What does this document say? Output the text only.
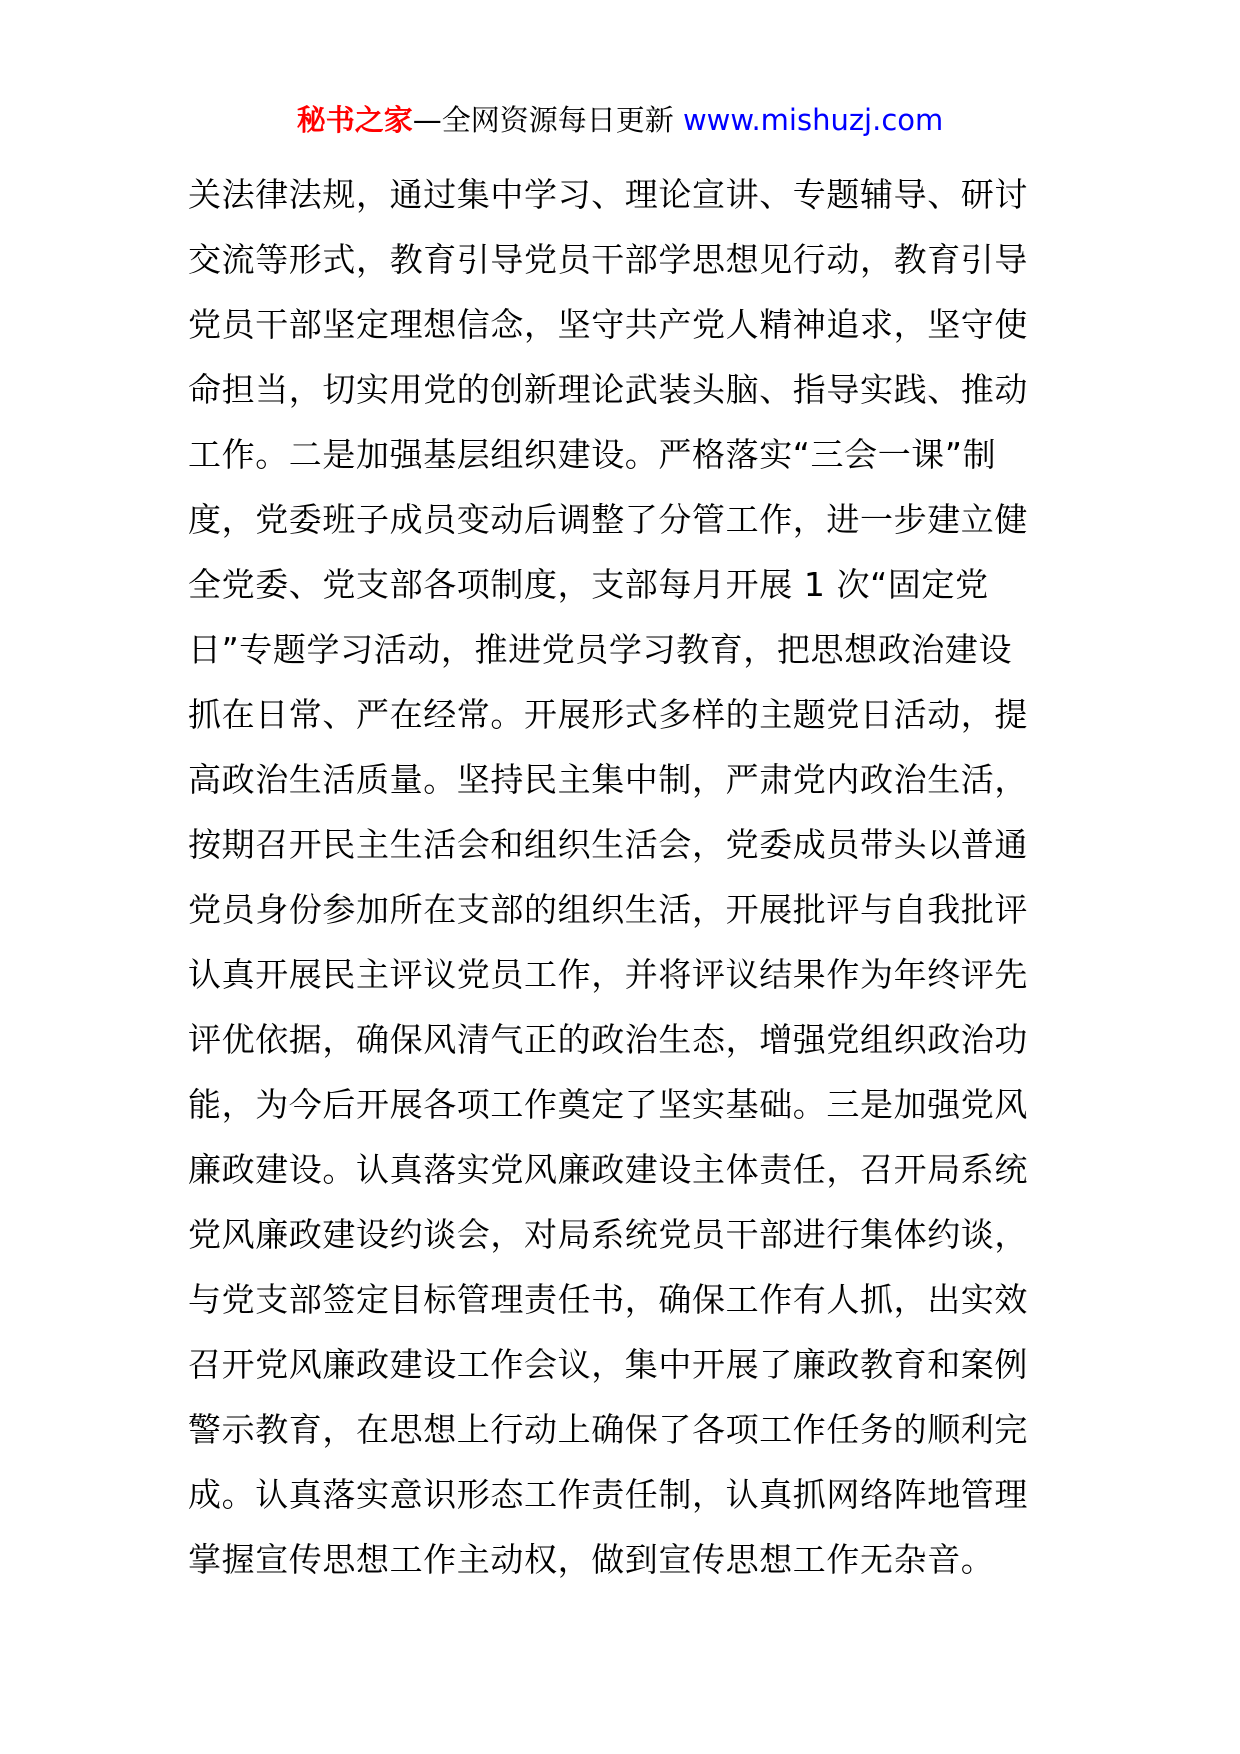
秘书之家—全网资源每日更新 www.mishuzj.com
关法律法规，通过集中学习、理论宣讲、专题辅导、研讨
交流等形式，教育引导党员干部学思想见行动，教育引导
党员干部坚定理想信念，坚守共产党人精神追求，坚守使
命担当，切实用党的创新理论武装头脑、指导实践、推动
工作。二是加强基层组织建设。严格落实“三会一课”制
度，党委班子成员变动后调整了分管工作，进一步建立健
全党委、党支部各项制度，支部每月开展 1 次“固定党
日”专题学习活动，推进党员学习教育，把思想政治建设
抓在日常、严在经常。开展形式多样的主题党日活动，提
高政治生活质量。坚持民主集中制，严肃党内政治生活，
按期召开民主生活会和组织生活会，党委成员带头以普通
党员身份参加所在支部的组织生活，开展批评与自我批评
认真开展民主评议党员工作，并将评议结果作为年终评先
评优依据，确保风清气正的政治生态，增强党组织政治功
能，为今后开展各项工作奠定了坚实基础。三是加强党风
廉政建设。认真落实党风廉政建设主体责任，召开局系统
党风廉政建设约谈会，对局系统党员干部进行集体约谈，
与党支部签定目标管理责任书，确保工作有人抓，出实效
召开党风廉政建设工作会议，集中开展了廉政教育和案例
警示教育，在思想上行动上确保了各项工作任务的顺利完
成。认真落实意识形态工作责任制，认真抓网络阵地管理
掌握宣传思想工作主动权，做到宣传思想工作无杂音。
